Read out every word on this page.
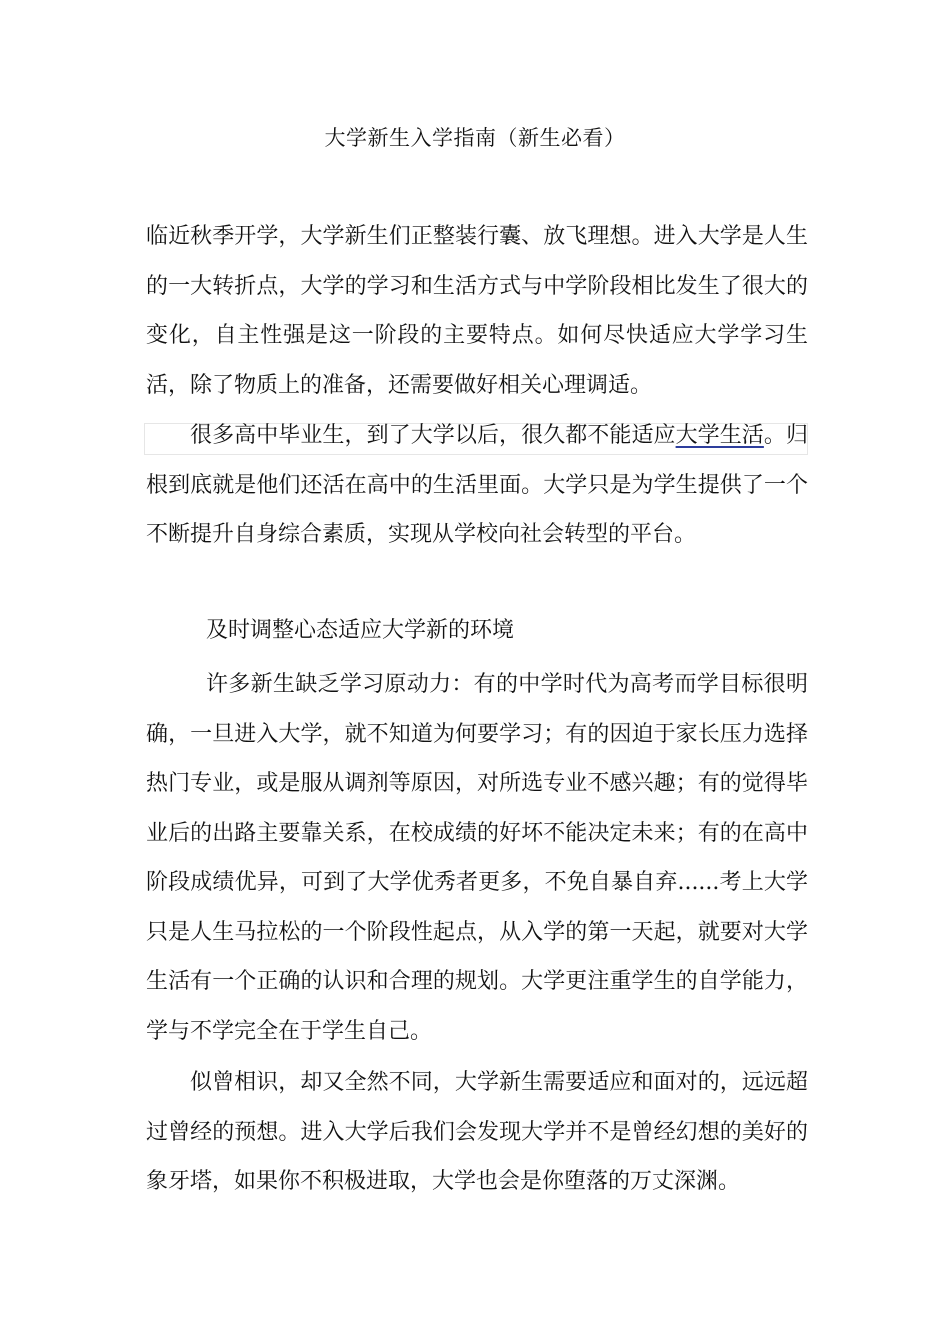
大学新生入学指南（新生必看）

临近秋季开学，大学新生们正整装行囊、放飞理想。进入大学是人生的一大转折点，大学的学习和生活方式与中学阶段相比发生了很大的变化，自主性强是这一阶段的主要特点。如何尽快适应大学学习生活，除了物质上的准备，还需要做好相关心理调适。

很多高中毕业生，到了大学以后，很久都不能适应大学生活。归根到底就是他们还活在高中的生活里面。大学只是为学生提供了一个不断提升自身综合素质，实现从学校向社会转型的平台。

及时调整心态适应大学新的环境

许多新生缺乏学习原动力：有的中学时代为高考而学目标很明确，一旦进入大学，就不知道为何要学习；有的因迫于家长压力选择热门专业，或是服从调剂等原因，对所选专业不感兴趣；有的觉得毕业后的出路主要靠关系，在校成绩的好坏不能决定未来；有的在高中阶段成绩优异，可到了大学优秀者更多，不免自暴自弃......考上大学只是人生马拉松的一个阶段性起点，从入学的第一天起，就要对大学生活有一个正确的认识和合理的规划。大学更注重学生的自学能力，学与不学完全在于学生自己。

似曾相识，却又全然不同，大学新生需要适应和面对的，远远超过曾经的预想。进入大学后我们会发现大学并不是曾经幻想的美好的象牙塔，如果你不积极进取，大学也会是你堕落的万丈深渊。
